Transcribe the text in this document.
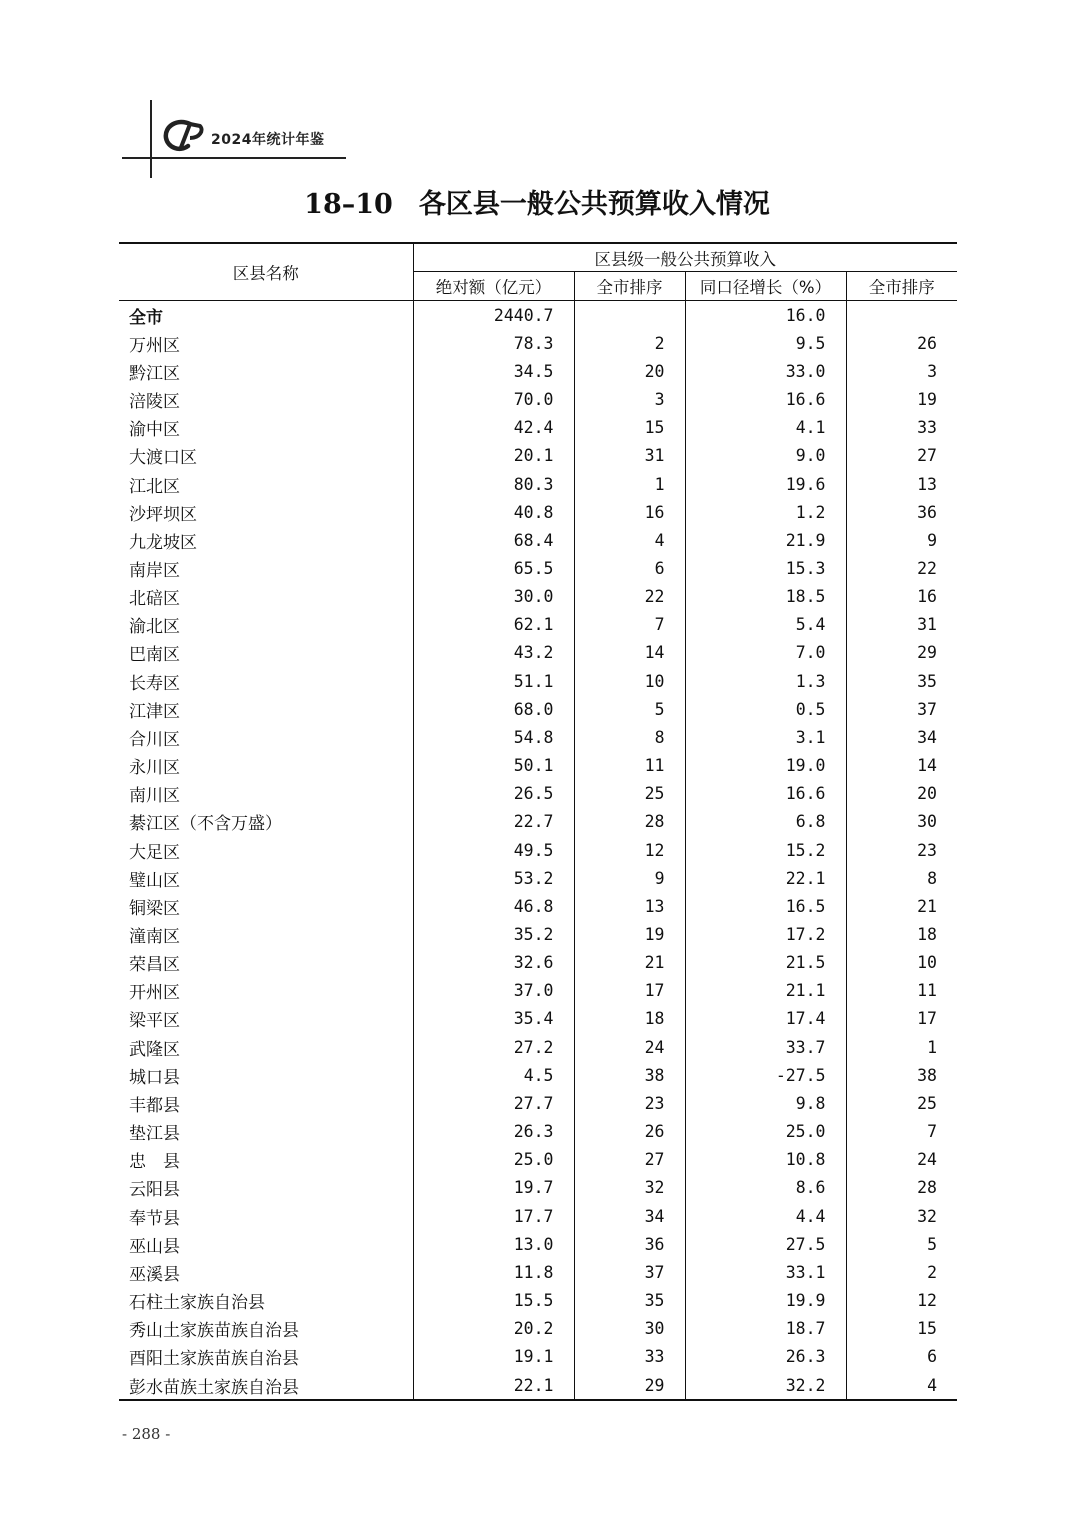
2024年统计年鉴
18–10 各区县一般公共预算收入情况
区县名称	区县级一般公共预算收入			
	绝对额（亿元）	全市排序	同口径增长（%）	全市排序
全市	2440.7		16.0	
万州区	78.3	2	9.5	26
黔江区	34.5	20	33.0	3
涪陵区	70.0	3	16.6	19
渝中区	42.4	15	4.1	33
大渡口区	20.1	31	9.0	27
江北区	80.3	1	19.6	13
沙坪坝区	40.8	16	1.2	36
九龙坡区	68.4	4	21.9	9
南岸区	65.5	6	15.3	22
北碚区	30.0	22	18.5	16
渝北区	62.1	7	5.4	31
巴南区	43.2	14	7.0	29
长寿区	51.1	10	1.3	35
江津区	68.0	5	0.5	37
合川区	54.8	8	3.1	34
永川区	50.1	11	19.0	14
南川区	26.5	25	16.6	20
綦江区（不含万盛）	22.7	28	6.8	30
大足区	49.5	12	15.2	23
璧山区	53.2	9	22.1	8
铜梁区	46.8	13	16.5	21
潼南区	35.2	19	17.2	18
荣昌区	32.6	21	21.5	10
开州区	37.0	17	21.1	11
梁平区	35.4	18	17.4	17
武隆区	27.2	24	33.7	1
城口县	4.5	38	-27.5	38
丰都县	27.7	23	9.8	25
垫江县	26.3	26	25.0	7
忠　县	25.0	27	10.8	24
云阳县	19.7	32	8.6	28
奉节县	17.7	34	4.4	32
巫山县	13.0	36	27.5	5
巫溪县	11.8	37	33.1	2
石柱土家族自治县	15.5	35	19.9	12
秀山土家族苗族自治县	20.2	30	18.7	15
酉阳土家族苗族自治县	19.1	33	26.3	6
彭水苗族土家族自治县	22.1	29	32.2	4
- 288 -
